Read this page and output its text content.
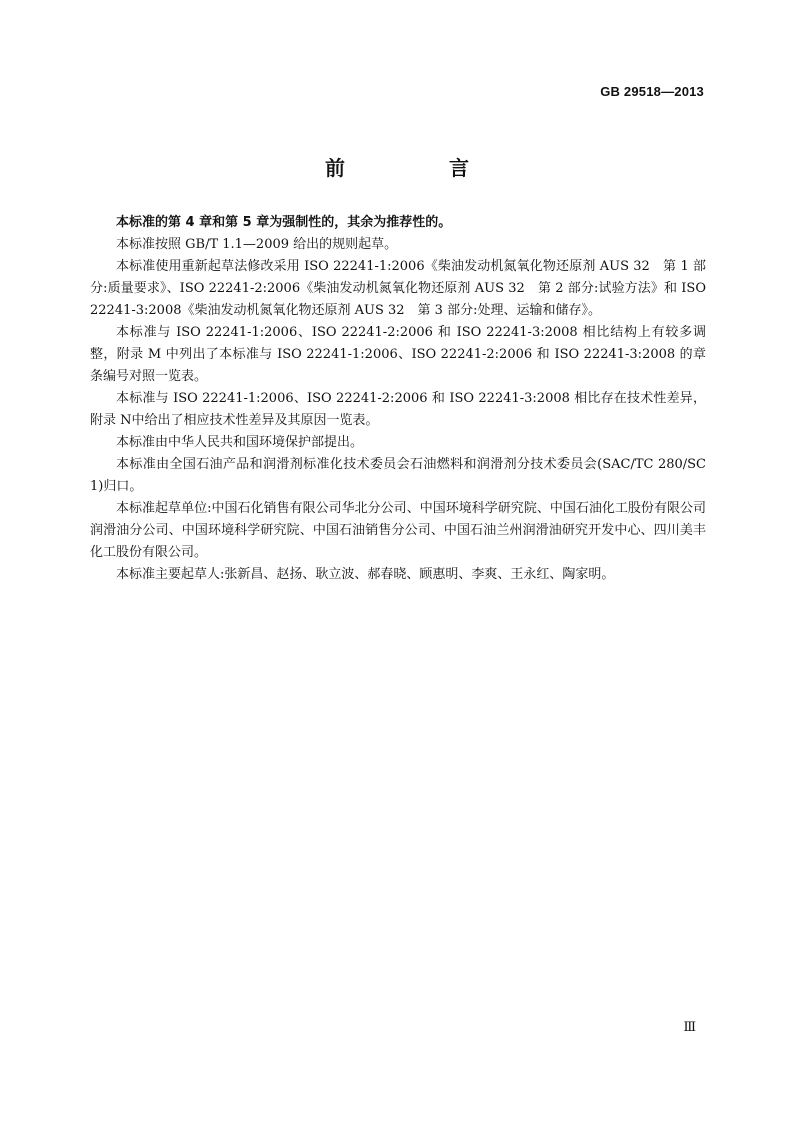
GB 29518—2013
前　言

本标准的第 4 章和第 5 章为强制性的，其余为推荐性的。

本标准按照 GB/T 1.1—2009 给出的规则起草。

本标准使用重新起草法修改采用 ISO 22241-1:2006《柴油发动机氮氧化物还原剂 AUS 32　第 1 部分:质量要求》、ISO 22241-2:2006《柴油发动机氮氧化物还原剂 AUS 32　第 2 部分:试验方法》和 ISO 22241-3:2008《柴油发动机氮氧化物还原剂 AUS 32　第 3 部分:处理、运输和储存》。

本标准与 ISO 22241-1:2006、ISO 22241-2:2006 和 ISO 22241-3:2008 相比结构上有较多调整，附录 M 中列出了本标准与 ISO 22241-1:2006、ISO 22241-2:2006 和 ISO 22241-3:2008 的章条编号对照一览表。

本标准与 ISO 22241-1:2006、ISO 22241-2:2006 和 ISO 22241-3:2008 相比存在技术性差异，附录 N中给出了相应技术性差异及其原因一览表。

本标准由中华人民共和国环境保护部提出。

本标准由全国石油产品和润滑剂标准化技术委员会石油燃料和润滑剂分技术委员会(SAC/TC 280/SC 1)归口。

本标准起草单位:中国石化销售有限公司华北分公司、中国环境科学研究院、中国石油化工股份有限公司润滑油分公司、中国环境科学研究院、中国石油销售分公司、中国石油兰州润滑油研究开发中心、四川美丰化工股份有限公司。

本标准主要起草人:张新昌、赵扬、耿立波、郝春晓、顾惠明、李爽、王永红、陶家明。

Ⅲ
